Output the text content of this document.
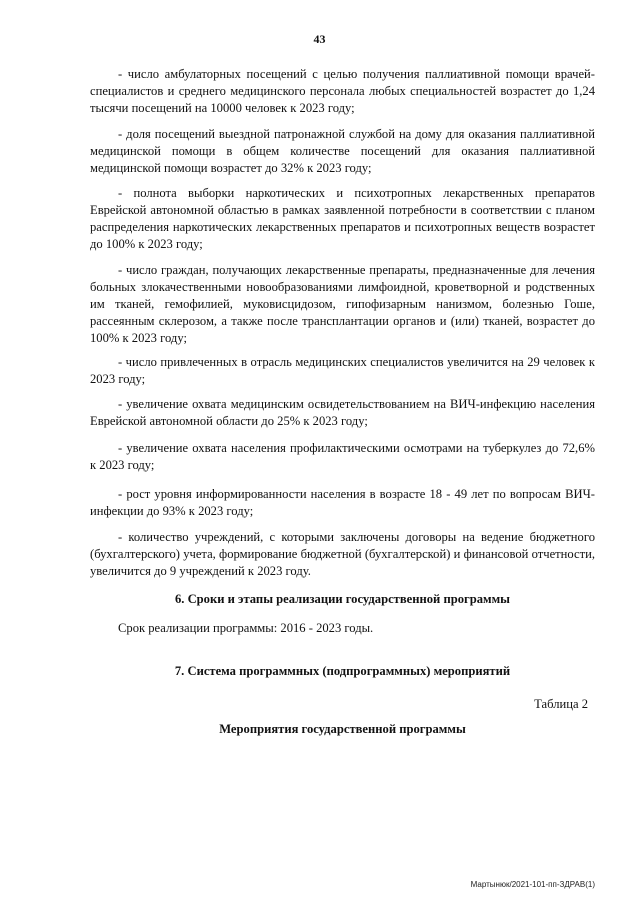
43

- число амбулаторных посещений с целью получения паллиативной помощи врачей-специалистов и среднего медицинского персонала любых специальностей возрастет до 1,24 тысячи посещений на 10000 человек к 2023 году;

- доля посещений выездной патронажной службой на дому для оказания паллиативной медицинской помощи в общем количестве посещений для оказания паллиативной медицинской помощи возрастет до 32% к 2023 году;

- полнота выборки наркотических и психотропных лекарственных препаратов Еврейской автономной областью в рамках заявленной потребности в соответствии с планом распределения наркотических лекарственных препаратов и психотропных веществ возрастет до 100% к 2023 году;

- число граждан, получающих лекарственные препараты, предназначенные для лечения больных злокачественными новообразованиями лимфоидной, кроветворной и родственных им тканей, гемофилией, муковисцидозом, гипофизарным нанизмом, болезнью Гоше, рассеянным склерозом, а также после трансплантации органов и (или) тканей, возрастет до 100% к 2023 году;

- число привлеченных в отрасль медицинских специалистов увеличится на 29 человек к 2023 году;

- увеличение охвата медицинским освидетельствованием на ВИЧ-инфекцию населения Еврейской автономной области до 25% к 2023 году;

- увеличение охвата населения профилактическими осмотрами на туберкулез до 72,6% к 2023 году;

- рост уровня информированности населения в возрасте 18 - 49 лет по вопросам ВИЧ-инфекции до 93% к 2023 году;

- количество учреждений, с которыми заключены договоры на ведение бюджетного (бухгалтерского) учета, формирование бюджетной (бухгалтерской) и финансовой отчетности, увеличится до 9 учреждений к 2023 году.

6. Сроки и этапы реализации государственной программы

Срок реализации программы: 2016 - 2023 годы.

7. Система программных (подпрограммных) мероприятий

Таблица 2

Мероприятия государственной программы

Мартынюк/2021-101-пп-ЗДРАВ(1)
